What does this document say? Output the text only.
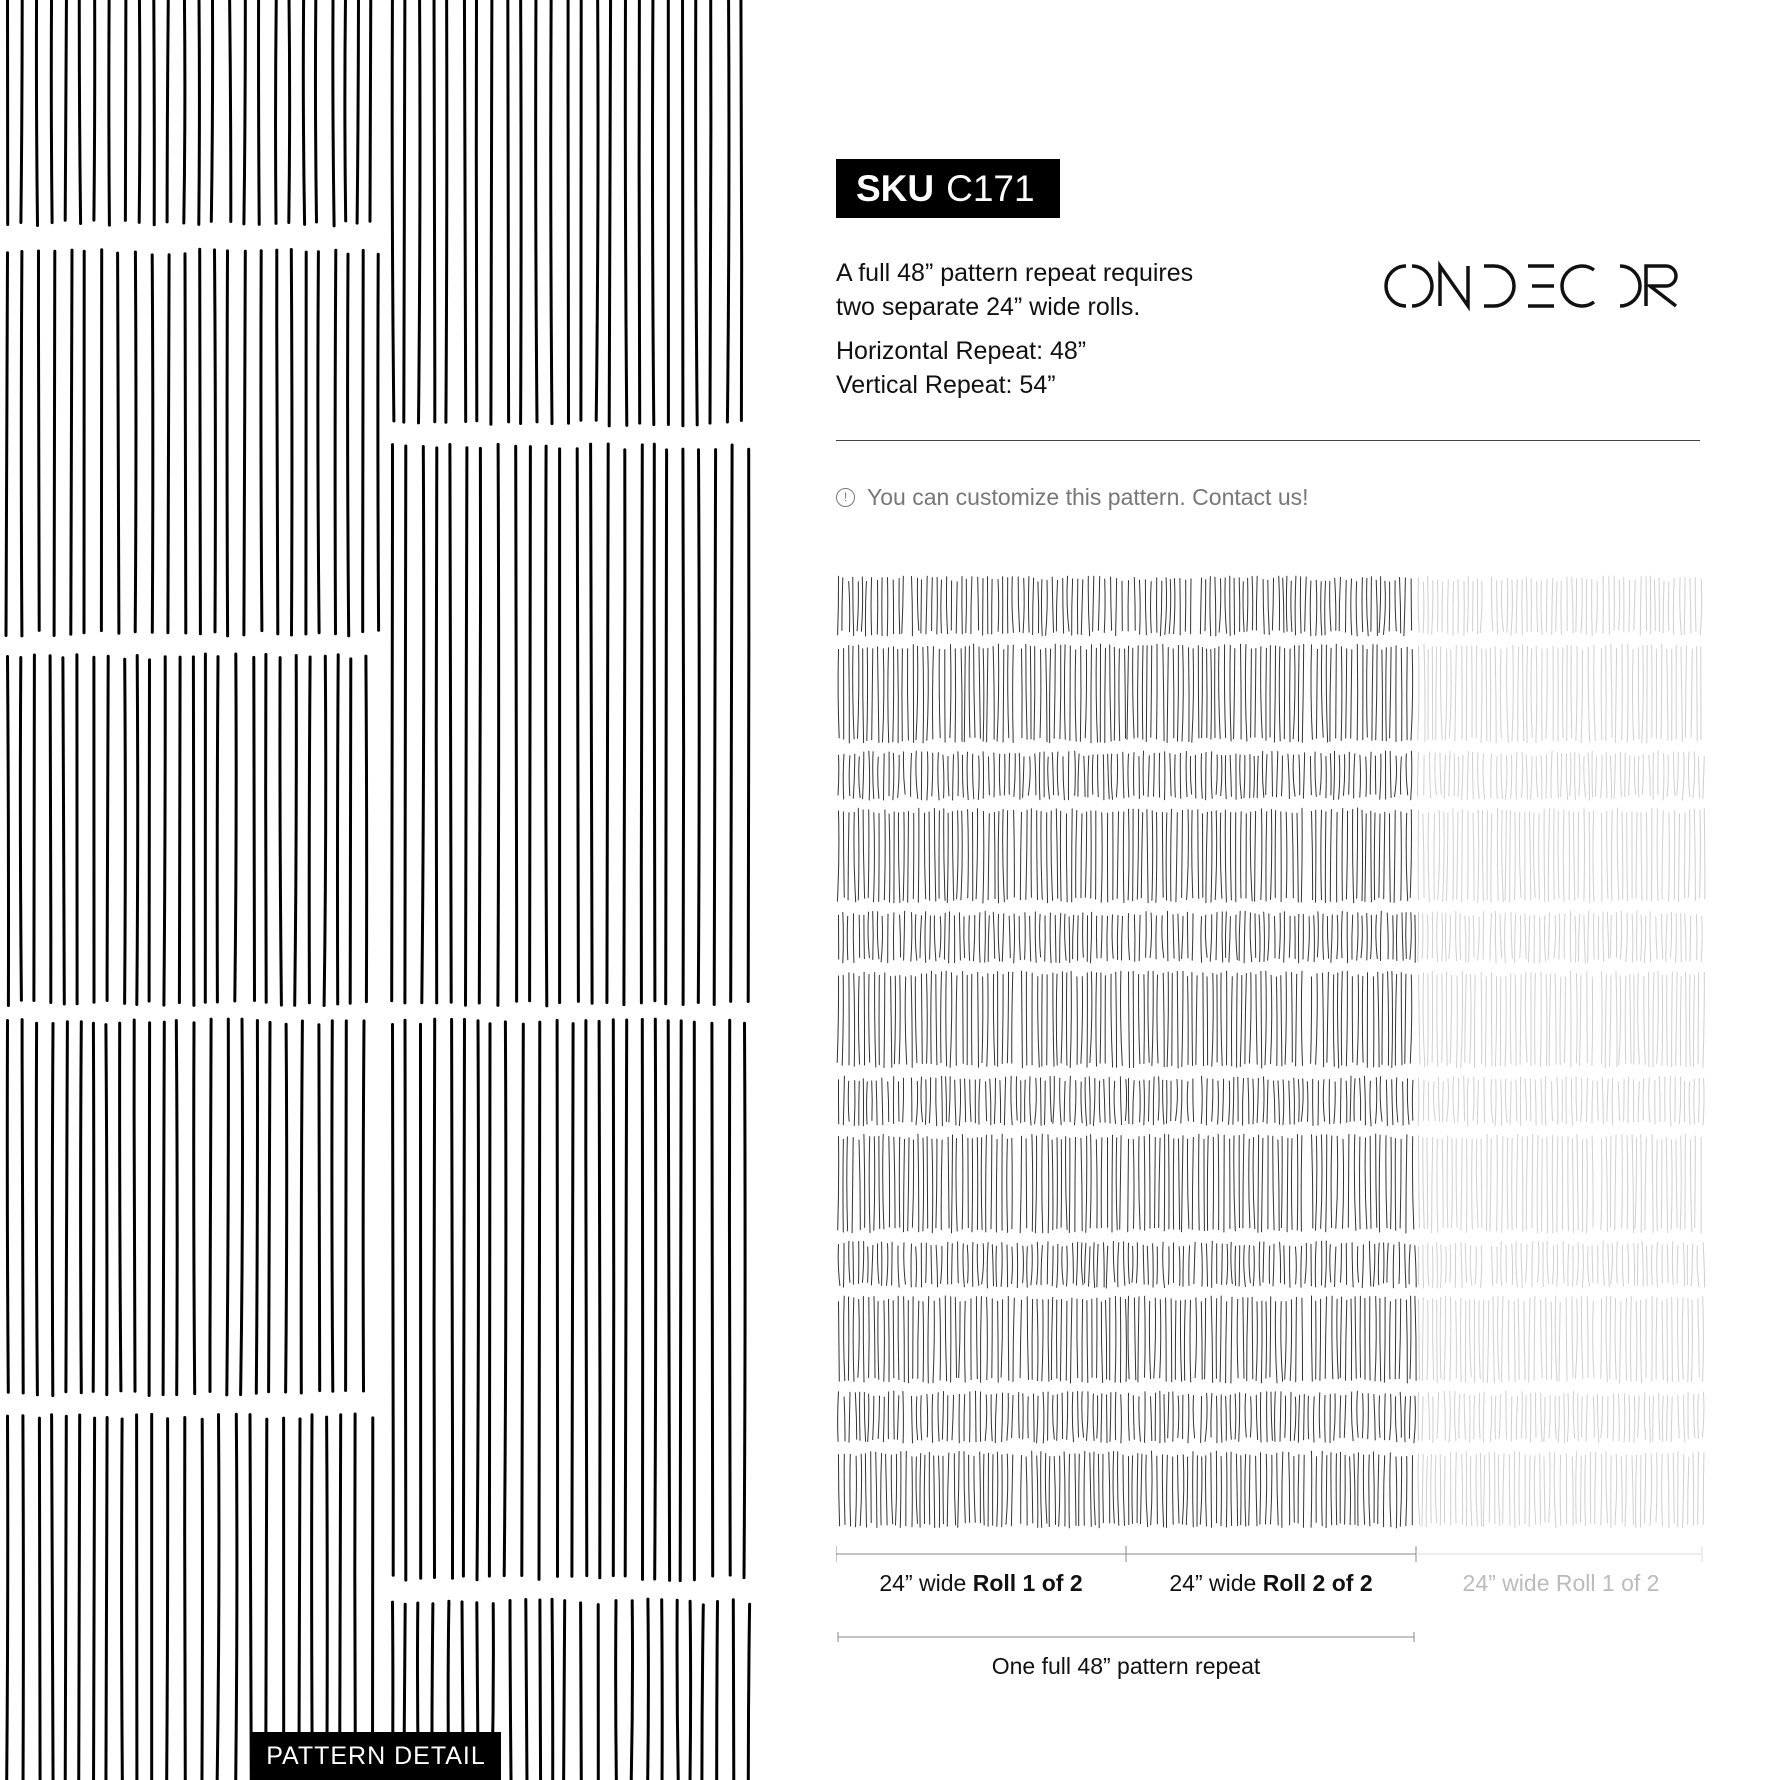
PATTERN DETAIL
SKU C171
A full 48” pattern repeat requires
two separate 24” wide rolls.
Horizontal Repeat: 48”
Vertical Repeat: 54”
ONDECOR
! You can customize this pattern. Contact us!
24” wide Roll 1 of 2	24” wide Roll 2 of 2	24” wide Roll 1 of 2
One full 48” pattern repeat
